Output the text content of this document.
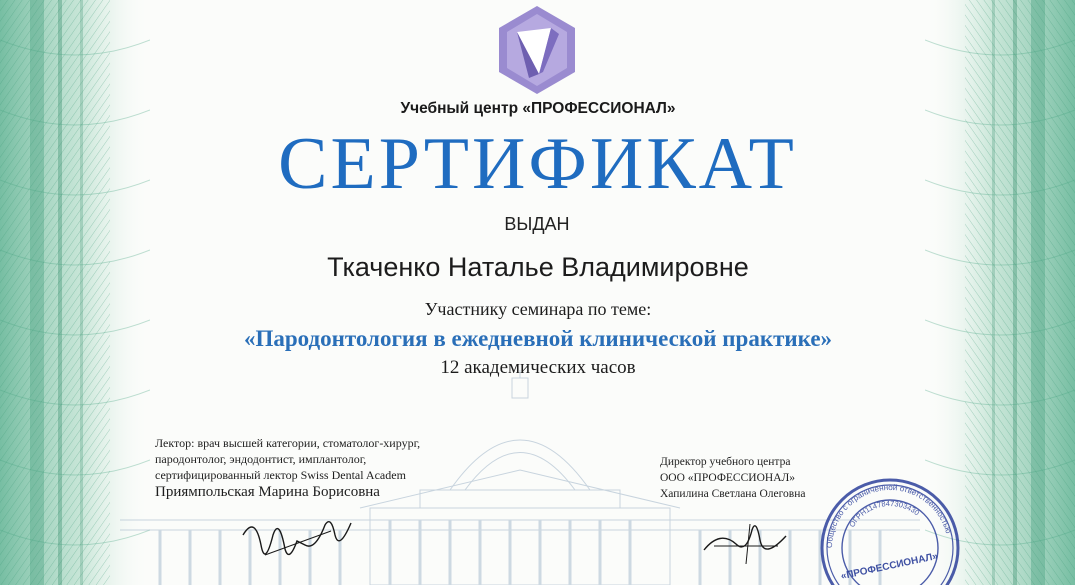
Учебный центр «ПРОФЕССИОНАЛ»
СЕРТИФИКАТ
ВЫДАН
Ткаченко Наталье Владимировне
Участнику семинара по теме:
«Пародонтология в ежедневной клинической практике»
12 академических часов
Лектор: врач высшей категории, стоматолог-хирург,
пародонтолог, эндодонтист, имплантолог,
сертифицированный лектор Swiss Dental Academ
Приямпольская Марина Борисовна
Директор учебного центра
ООО «ПРОФЕССИОНАЛ»
Хапилина Светлана Олеговна
Общество с ограниченной ответственностью
ОГРН1147847303430
«ПРОФЕССИОНАЛ»
